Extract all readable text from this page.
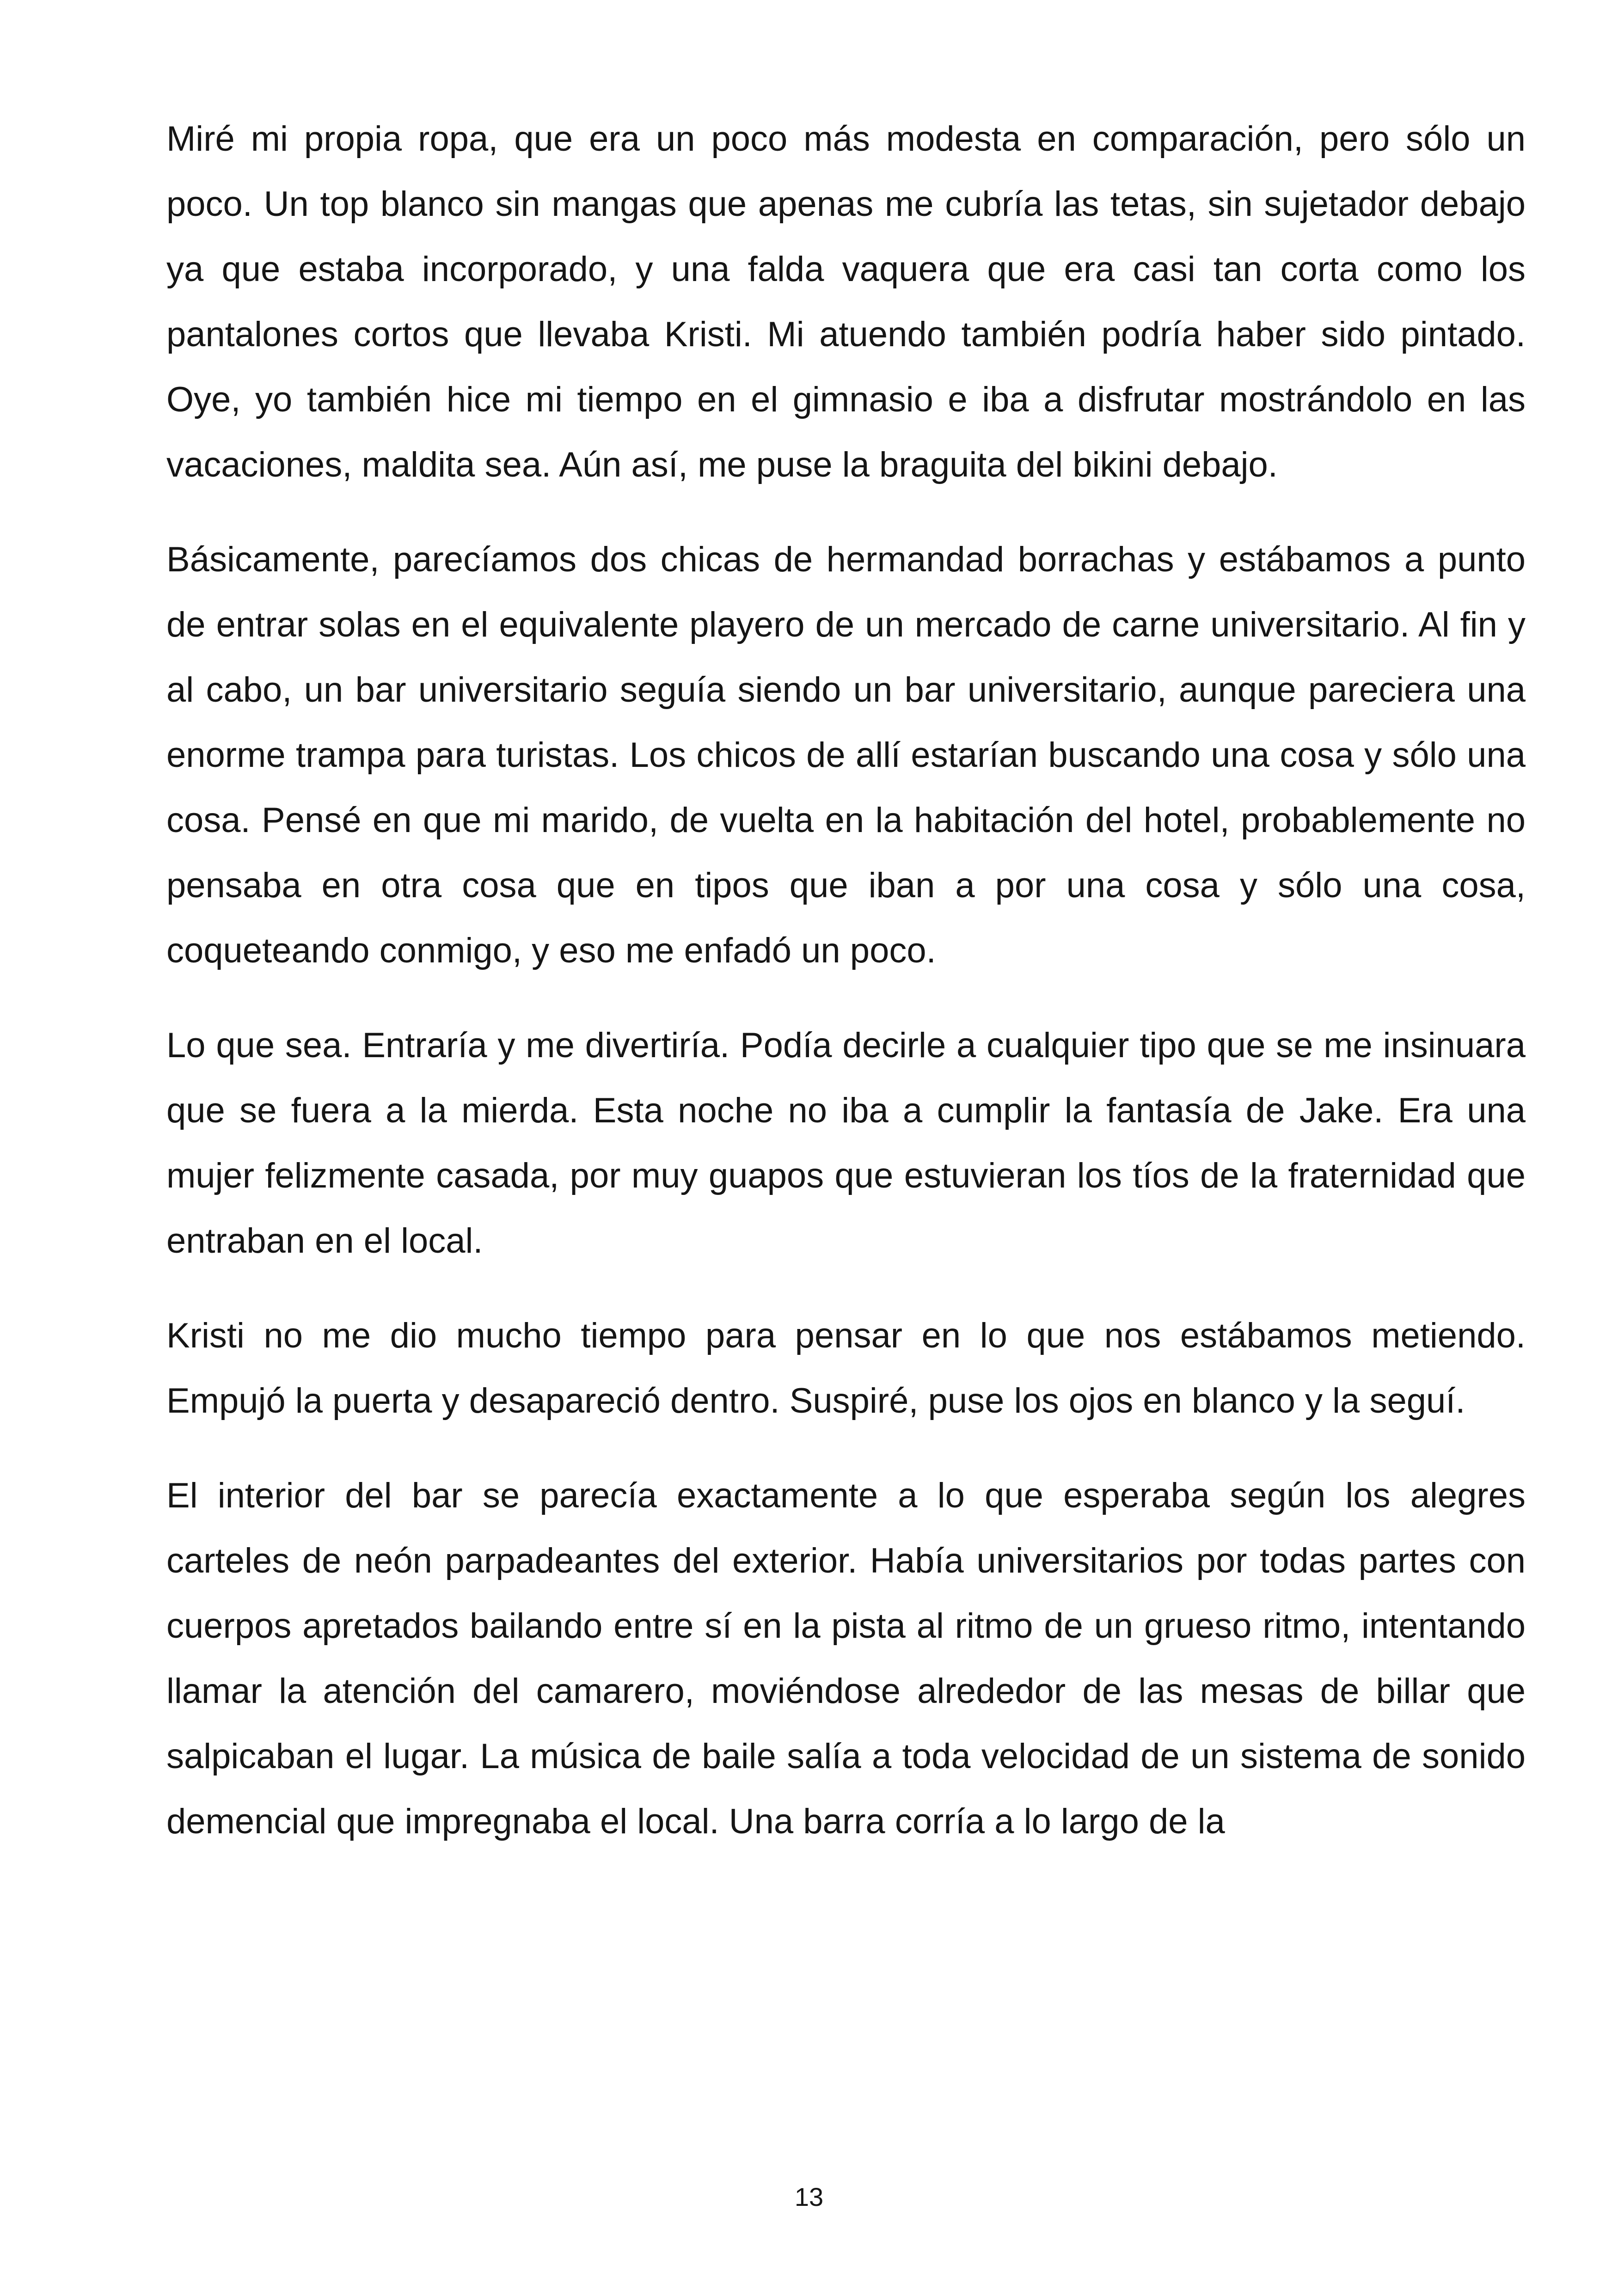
Miré mi propia ropa, que era un poco más modesta en comparación, pero sólo un poco. Un top blanco sin mangas que apenas me cubría las tetas, sin sujetador debajo ya que estaba incorporado, y una falda vaquera que era casi tan corta como los pantalones cortos que llevaba Kristi. Mi atuendo también podría haber sido pintado. Oye, yo también hice mi tiempo en el gimnasio e iba a disfrutar mostrándolo en las vacaciones, maldita sea. Aún así, me puse la braguita del bikini debajo.

Básicamente, parecíamos dos chicas de hermandad borrachas y estábamos a punto de entrar solas en el equivalente playero de un mercado de carne universitario. Al fin y al cabo, un bar universitario seguía siendo un bar universitario, aunque pareciera una enorme trampa para turistas. Los chicos de allí estarían buscando una cosa y sólo una cosa. Pensé en que mi marido, de vuelta en la habitación del hotel, probablemente no pensaba en otra cosa que en tipos que iban a por una cosa y sólo una cosa, coqueteando conmigo, y eso me enfadó un poco.

Lo que sea. Entraría y me divertiría. Podía decirle a cualquier tipo que se me insinuara que se fuera a la mierda. Esta noche no iba a cumplir la fantasía de Jake. Era una mujer felizmente casada, por muy guapos que estuvieran los tíos de la fraternidad que entraban en el local.

Kristi no me dio mucho tiempo para pensar en lo que nos estábamos metiendo. Empujó la puerta y desapareció dentro. Suspiré, puse los ojos en blanco y la seguí.

El interior del bar se parecía exactamente a lo que esperaba según los alegres carteles de neón parpadeantes del exterior. Había universitarios por todas partes con cuerpos apretados bailando entre sí en la pista al ritmo de un grueso ritmo, intentando llamar la atención del camarero, moviéndose alrededor de las mesas de billar que salpicaban el lugar. La música de baile salía a toda velocidad de un sistema de sonido demencial que impregnaba el local. Una barra corría a lo largo de la

13
